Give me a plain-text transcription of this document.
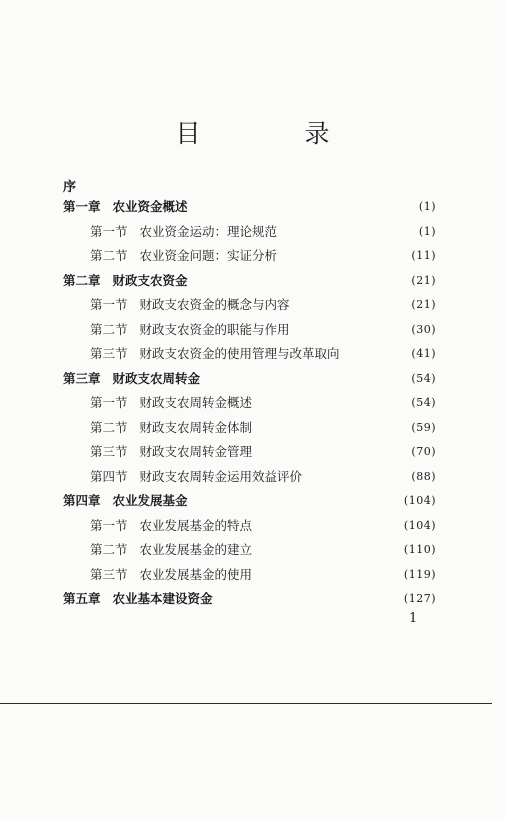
目 录
序
第一章 农业资金概述	(1)
第一节 农业资金运动：理论规范	(1)
第二节 农业资金问题：实证分析	(11)
第二章 财政支农资金	(21)
第一节 财政支农资金的概念与内容	(21)
第二节 财政支农资金的职能与作用	(30)
第三节 财政支农资金的使用管理与改革取向	(41)
第三章 财政支农周转金	(54)
第一节 财政支农周转金概述	(54)
第二节 财政支农周转金体制	(59)
第三节 财政支农周转金管理	(70)
第四节 财政支农周转金运用效益评价	(88)
第四章 农业发展基金	(104)
第一节 农业发展基金的特点	(104)
第二节 农业发展基金的建立	(110)
第三节 农业发展基金的使用	(119)
第五章 农业基本建设资金	(127)
1
